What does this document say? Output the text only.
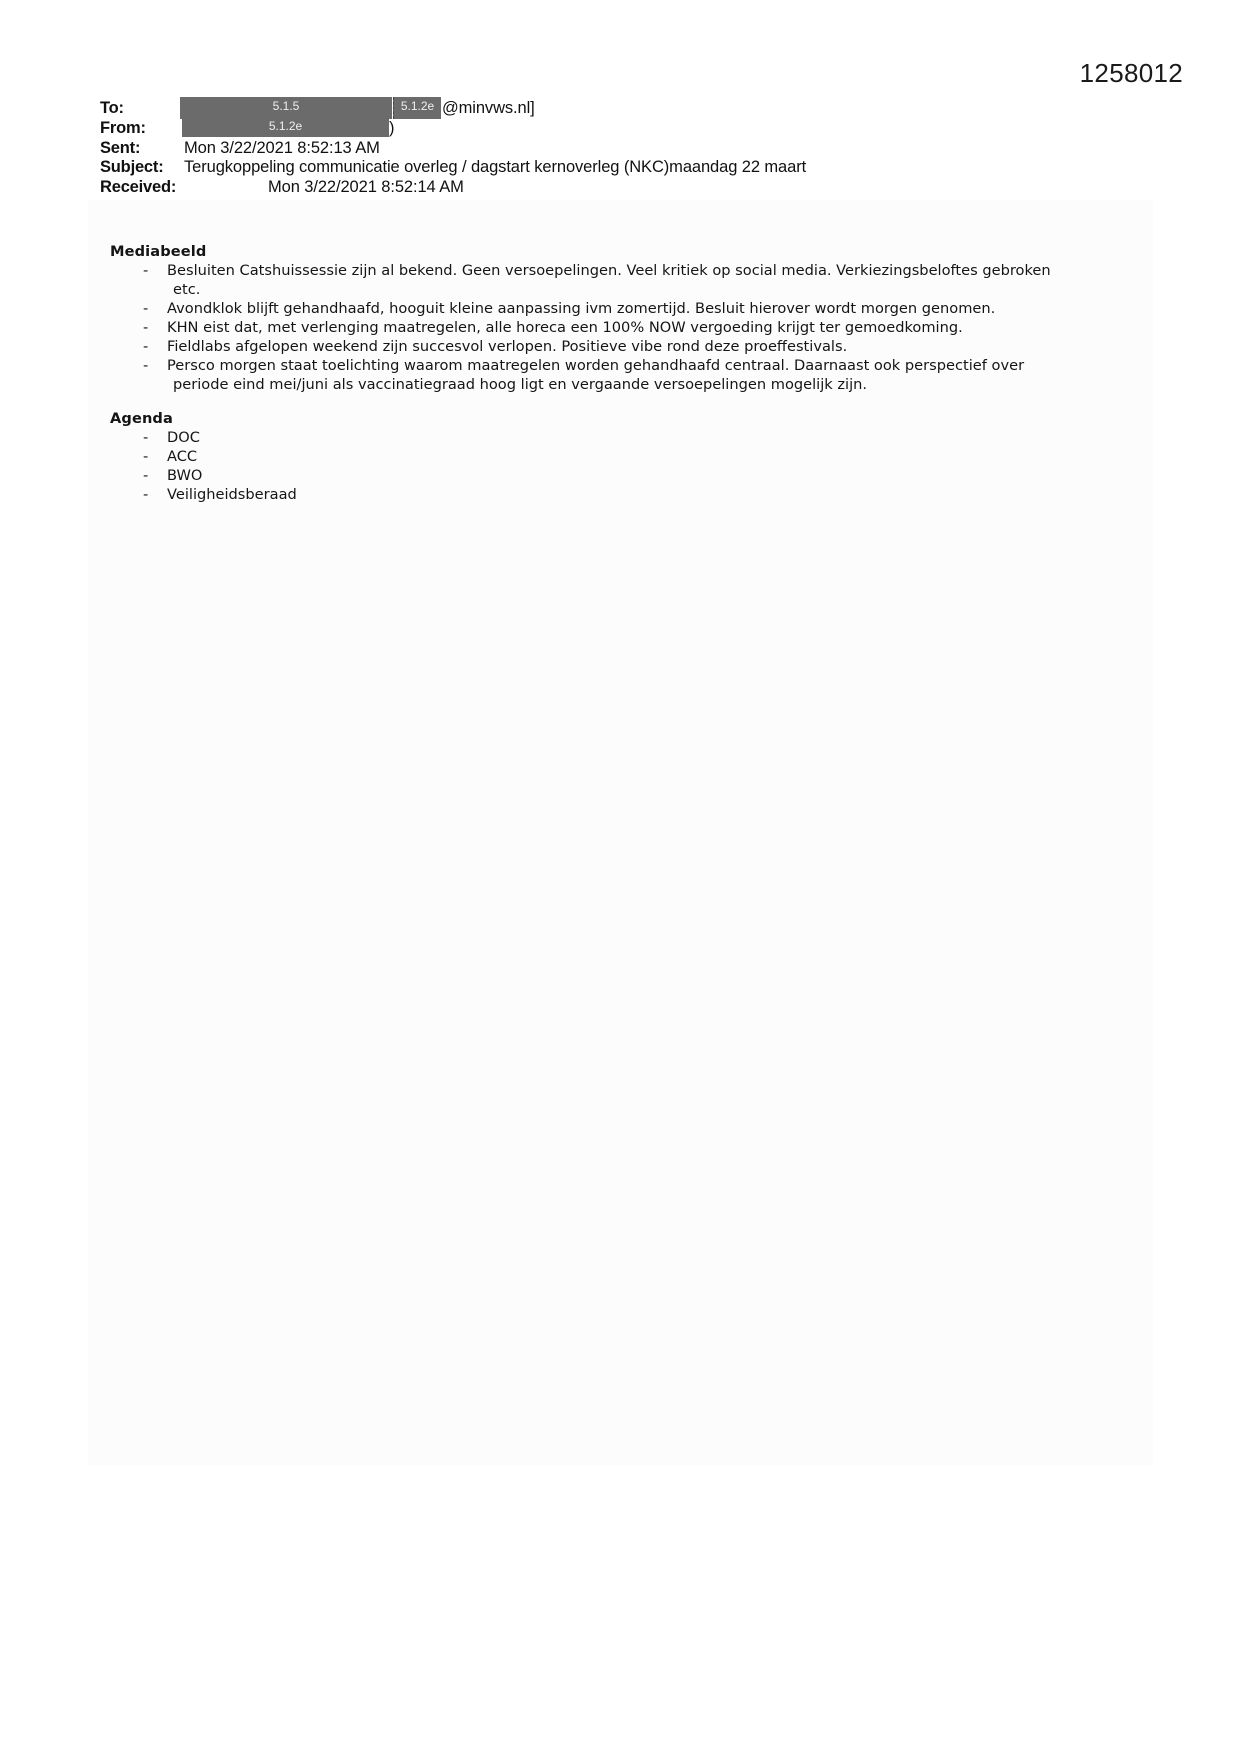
1258012
To:	5.1.5	5.1.2e @minvws.nl]
From:	5.1.2e	)
Sent:	Mon 3/22/2021 8:52:13 AM
Subject: Terugkoppeling communicatie overleg / dagstart kernoverleg (NKC)maandag 22 maart
Received:	Mon 3/22/2021 8:52:14 AM
Mediabeeld
- Besluiten Catshuissessie zijn al bekend. Geen versoepelingen. Veel kritiek op social media. Verkiezingsbeloftes gebroken
etc.
- Avondklok blijft gehandhaafd, hooguit kleine aanpassing ivm zomertijd. Besluit hierover wordt morgen genomen.
- KHN eist dat, met verlenging maatregelen, alle horeca een 100% NOW vergoeding krijgt ter gemoedkoming.
- Fieldlabs afgelopen weekend zijn succesvol verlopen. Positieve vibe rond deze proeffestivals.
- Persco morgen staat toelichting waarom maatregelen worden gehandhaafd centraal. Daarnaast ook perspectief over
periode eind mei/juni als vaccinatiegraad hoog ligt en vergaande versoepelingen mogelijk zijn.
Agenda
- DOC
- ACC
- BWO
- Veiligheidsberaad
